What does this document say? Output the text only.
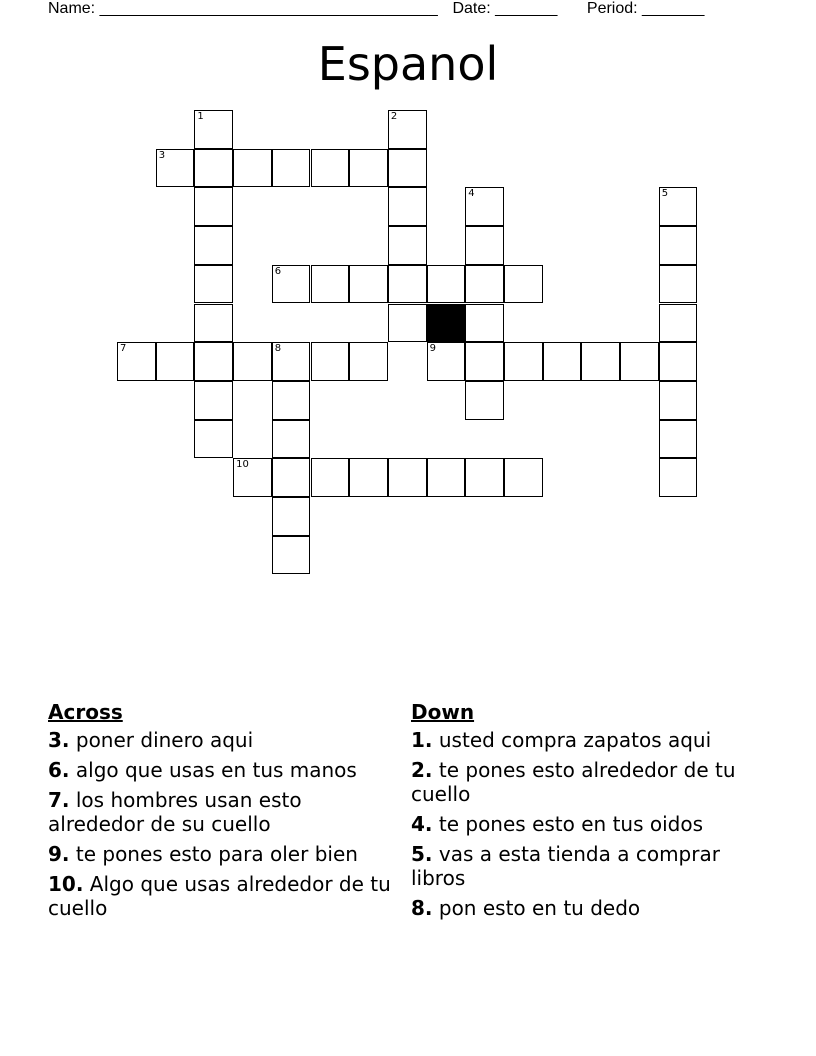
Name: ______________________________________ Date: _______ Period: _______
Espanol
1	2
3
4	5
6
7	8	9
10
Across
3. poner dinero aqui
6. algo que usas en tus manos
7. los hombres usan esto alrededor de su cuello
9. te pones esto para oler bien
10. Algo que usas alrededor de tu cuello
Down
1. usted compra zapatos aqui
2. te pones esto alrededor de tu cuello
4. te pones esto en tus oidos
5. vas a esta tienda a comprar libros
8. pon esto en tu dedo
